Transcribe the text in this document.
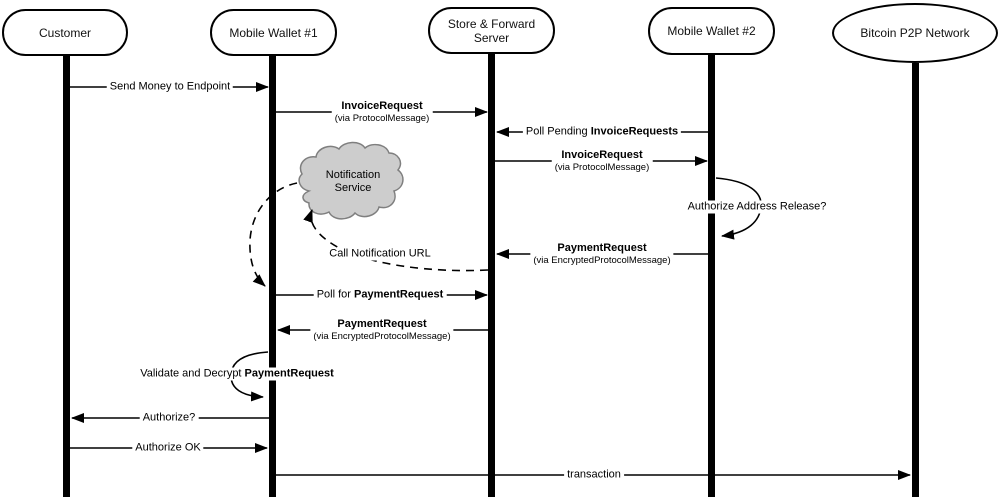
Customer	Mobile Wallet #1
Store & Forward Server	Mobile Wallet #2	Bitcoin P2P Network
Send Money to Endpoint
InvoiceRequest
(via ProtocolMessage)
Poll Pending InvoiceRequests
InvoiceRequest
(via ProtocolMessage)
Authorize Address Release?
PaymentRequest
(via EncryptedProtocolMessage)
Call Notification URL
Poll for PaymentRequest
PaymentRequest
(via EncryptedProtocolMessage)
Validate and Decrypt PaymentRequest
Authorize?
Authorize OK
transaction
Notification
Service
